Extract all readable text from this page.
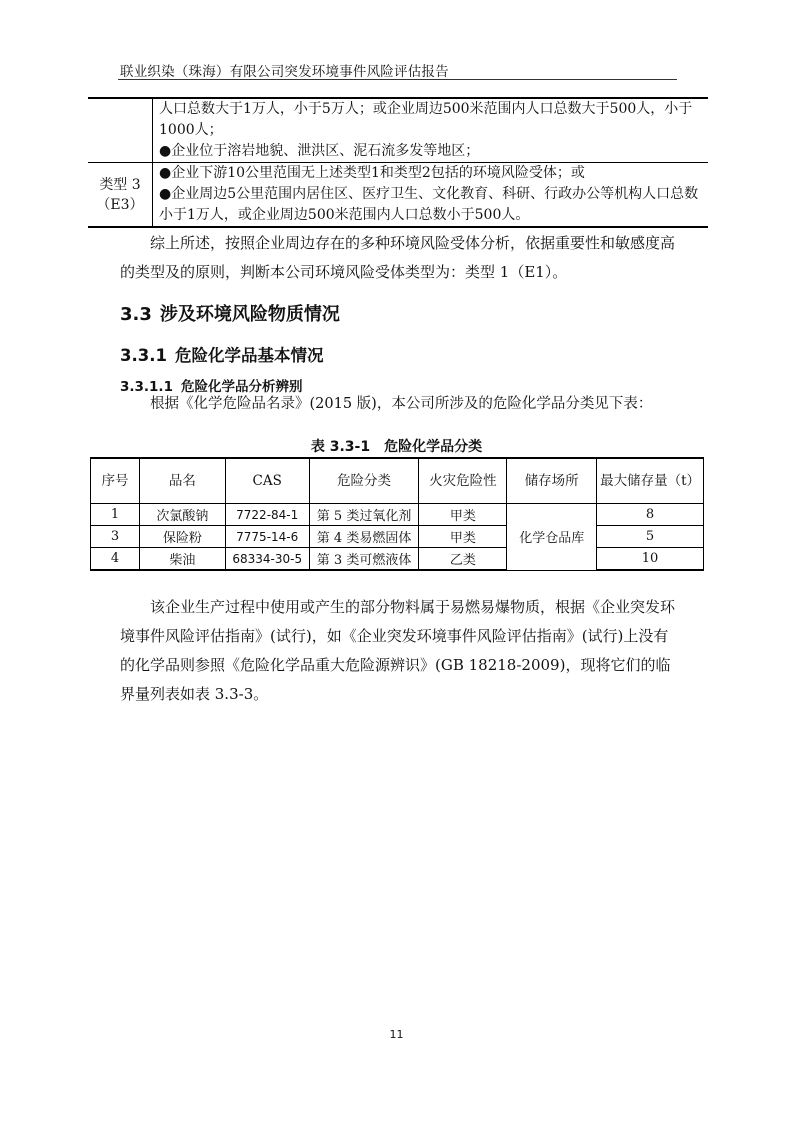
联业织染（珠海）有限公司突发环境事件风险评估报告

	人口总数大于1万人，小于5万人；或企业周边500米范围内人口总数大于500人，小于1000人；
●企业位于溶岩地貌、泄洪区、泥石流多发等地区；

类型 3（E3）	●企业下游10公里范围无上述类型1和类型2包括的环境风险受体；或
●企业周边5公里范围内居住区、医疗卫生、文化教育、科研、行政办公等机构人口总数小于1万人，或企业周边500米范围内人口总数小于500人。
综上所述，按照企业周边存在的多种环境风险受体分析，依据重要性和敏感度高的类型及的原则，判断本公司环境风险受体类型为：类型 1（E1）。
3.3 涉及环境风险物质情况
3.3.1 危险化学品基本情况
3.3.1.1 危险化学品分析辨别
根据《化学危险品名录》(2015 版)，本公司所涉及的危险化学品分类见下表：
表 3.3-1 危险化学品分类
序号	品名	CAS	危险分类	火灾危险性	储存场所	最大储存量（t）
1	次氯酸钠	7722-84-1	第 5 类过氧化剂	甲类	化学仓品库	8
3	保险粉	7775-14-6	第 4 类易燃固体	甲类		5
4	柴油	68334-30-5	第 3 类可燃液体	乙类		10
该企业生产过程中使用或产生的部分物料属于易燃易爆物质，根据《企业突发环境事件风险评估指南》(试行)，如《企业突发环境事件风险评估指南》(试行)上没有的化学品则参照《危险化学品重大危险源辨识》(GB 18218-2009)，现将它们的临界量列表如表 3.3-3。
11
